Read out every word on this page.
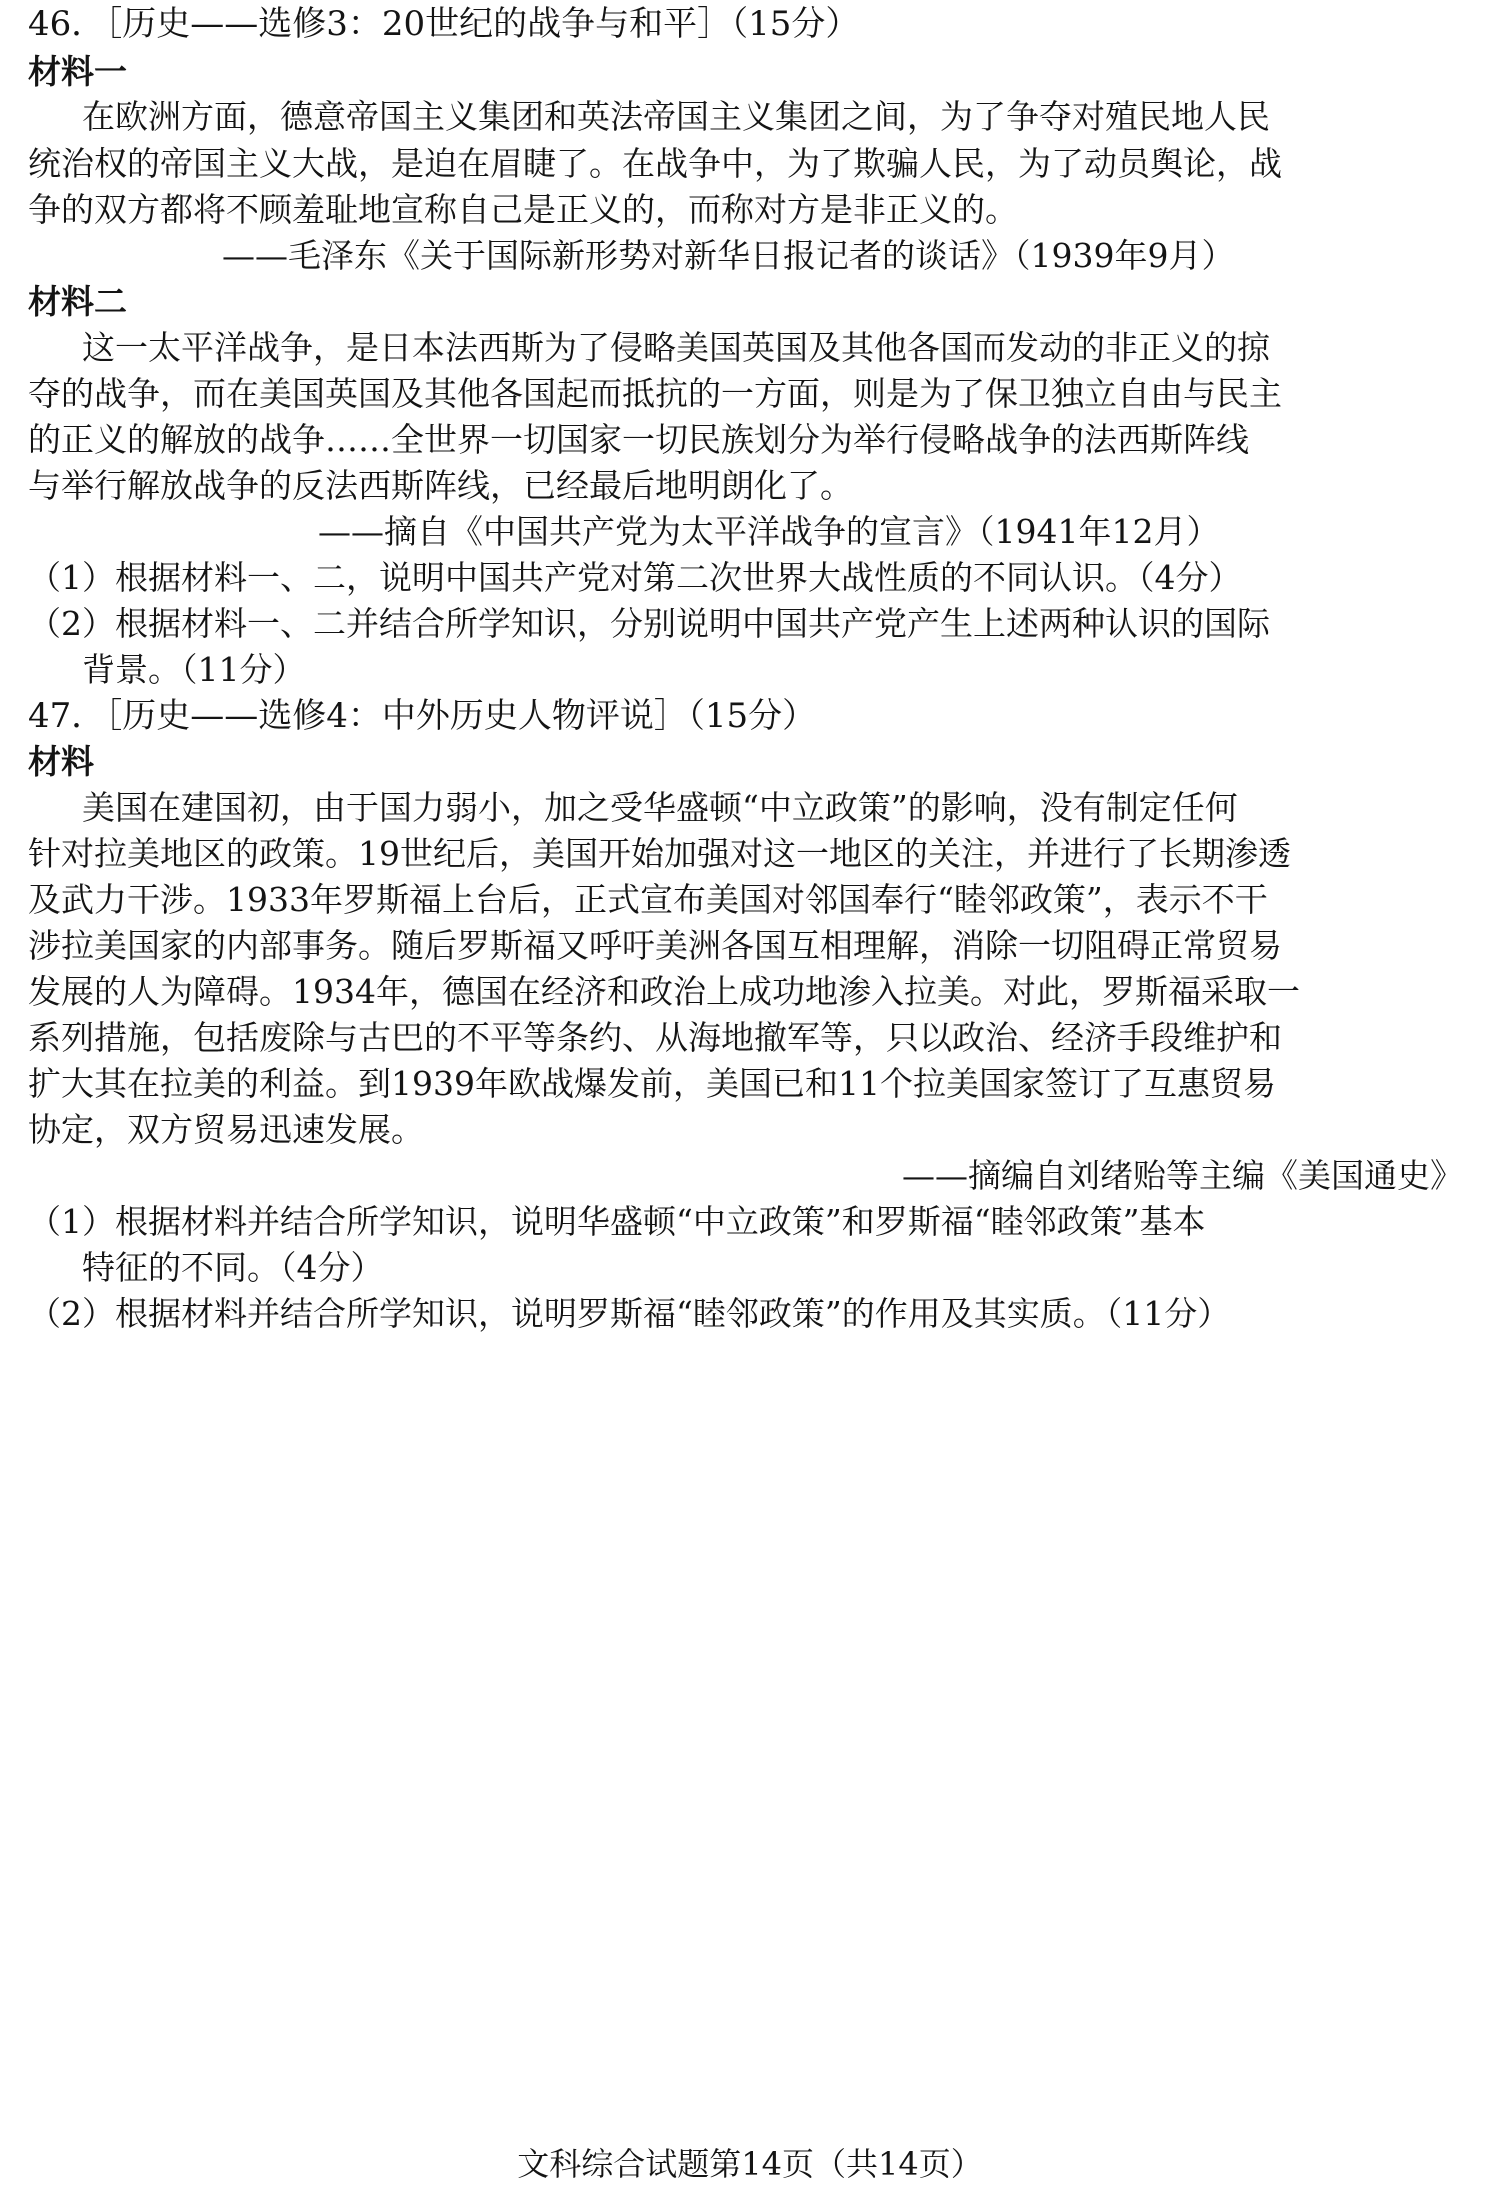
46．［历史——选修3：20世纪的战争与和平］（15分）
材料一
在欧洲方面，德意帝国主义集团和英法帝国主义集团之间，为了争夺对殖民地人民
统治权的帝国主义大战，是迫在眉睫了。在战争中，为了欺骗人民，为了动员舆论，战
争的双方都将不顾羞耻地宣称自己是正义的，而称对方是非正义的。
——毛泽东《关于国际新形势对新华日报记者的谈话》（1939年9月）
材料二
这一太平洋战争，是日本法西斯为了侵略美国英国及其他各国而发动的非正义的掠
夺的战争，而在美国英国及其他各国起而抵抗的一方面，则是为了保卫独立自由与民主
的正义的解放的战争……全世界一切国家一切民族划分为举行侵略战争的法西斯阵线
与举行解放战争的反法西斯阵线，已经最后地明朗化了。
——摘自《中国共产党为太平洋战争的宣言》（1941年12月）
（1）根据材料一、二，说明中国共产党对第二次世界大战性质的不同认识。（4分）
（2）根据材料一、二并结合所学知识，分别说明中国共产党产生上述两种认识的国际
背景。（11分）
47．［历史——选修4：中外历史人物评说］（15分）
材料
美国在建国初，由于国力弱小，加之受华盛顿“中立政策”的影响，没有制定任何
针对拉美地区的政策。19世纪后，美国开始加强对这一地区的关注，并进行了长期渗透
及武力干涉。1933年罗斯福上台后，正式宣布美国对邻国奉行“睦邻政策”，表示不干
涉拉美国家的内部事务。随后罗斯福又呼吁美洲各国互相理解，消除一切阻碍正常贸易
发展的人为障碍。1934年，德国在经济和政治上成功地渗入拉美。对此，罗斯福采取一
系列措施，包括废除与古巴的不平等条约、从海地撤军等，只以政治、经济手段维护和
扩大其在拉美的利益。到1939年欧战爆发前，美国已和11个拉美国家签订了互惠贸易
协定，双方贸易迅速发展。
——摘编自刘绪贻等主编《美国通史》
（1）根据材料并结合所学知识，说明华盛顿“中立政策”和罗斯福“睦邻政策”基本
特征的不同。（4分）
（2）根据材料并结合所学知识，说明罗斯福“睦邻政策”的作用及其实质。（11分）
文科综合试题第14页（共14页）
